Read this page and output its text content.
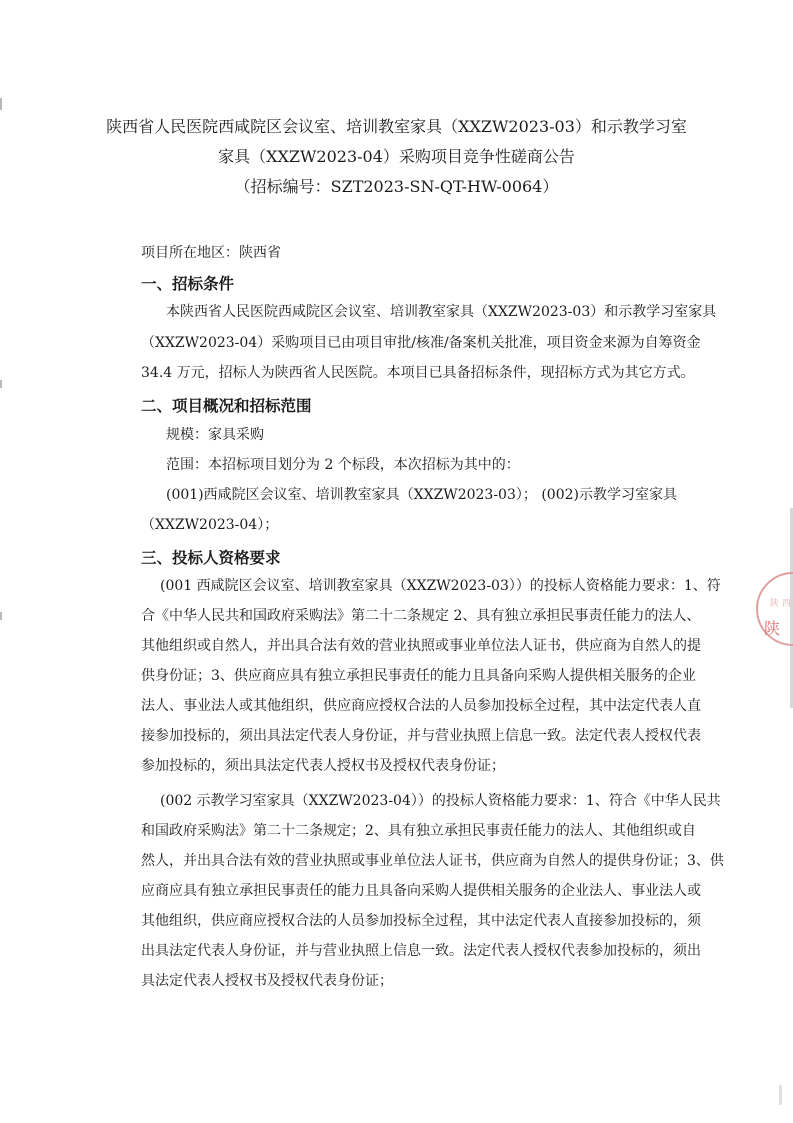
陕西省人民医院西咸院区会议室、培训教室家具（XXZW2023-03）和示教学习室
家具（XXZW2023-04）采购项目竞争性磋商公告
（招标编号：SZT2023-SN-QT-HW-0064）
项目所在地区：陕西省
一、招标条件
本陕西省人民医院西咸院区会议室、培训教室家具（XXZW2023-03）和示教学习室家具
（XXZW2023-04）采购项目已由项目审批/核准/备案机关批准，项目资金来源为自筹资金
34.4 万元，招标人为陕西省人民医院。本项目已具备招标条件，现招标方式为其它方式。
二、项目概况和招标范围
规模：家具采购
范围：本招标项目划分为 2 个标段，本次招标为其中的：
(001)西咸院区会议室、培训教室家具（XXZW2023-03）； (002)示教学习室家具
（XXZW2023-04）；
三、投标人资格要求
(001 西咸院区会议室、培训教室家具（XXZW2023-03））的投标人资格能力要求：1、符
合《中华人民共和国政府采购法》第二十二条规定 2、具有独立承担民事责任能力的法人、
其他组织或自然人，并出具合法有效的营业执照或事业单位法人证书，供应商为自然人的提
供身份证；3、供应商应具有独立承担民事责任的能力且具备向采购人提供相关服务的企业
法人、事业法人或其他组织，供应商应授权合法的人员参加投标全过程，其中法定代表人直
接参加投标的，须出具法定代表人身份证，并与营业执照上信息一致。法定代表人授权代表
参加投标的，须出具法定代表人授权书及授权代表身份证；
(002 示教学习室家具（XXZW2023-04））的投标人资格能力要求：1、符合《中华人民共
和国政府采购法》第二十二条规定；2、具有独立承担民事责任能力的法人、其他组织或自
然人，并出具合法有效的营业执照或事业单位法人证书，供应商为自然人的提供身份证；3、供
应商应具有独立承担民事责任的能力且具备向采购人提供相关服务的企业法人、事业法人或
其他组织，供应商应授权合法的人员参加投标全过程，其中法定代表人直接参加投标的，须
出具法定代表人身份证，并与营业执照上信息一致。法定代表人授权代表参加投标的，须出
具法定代表人授权书及授权代表身份证；
陕 西
陕
